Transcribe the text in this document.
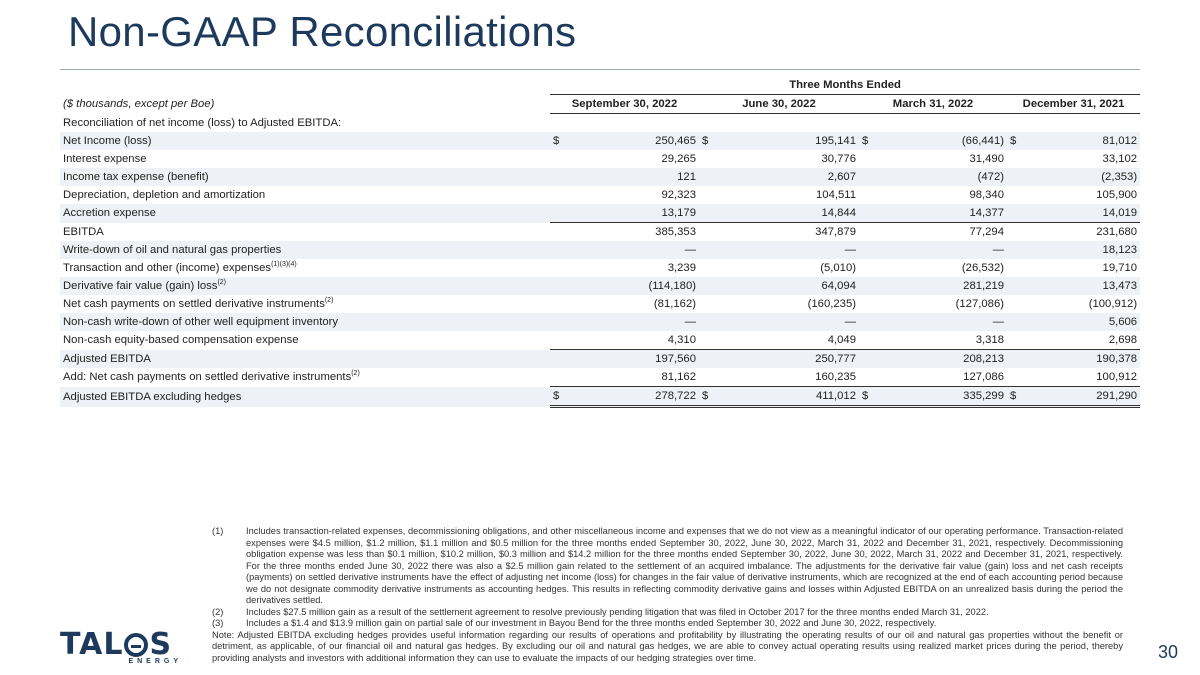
Non-GAAP Reconciliations
	Three Months Ended							
($ thousands, except per Boe)	September 30, 2022		June 30, 2022		March 31, 2022		December 31, 2021	
Reconciliation of net income (loss) to Adjusted EBITDA:								
Net Income (loss)	$	250,465	$	195,141	$	(66,441)	$	81,012
Interest expense		29,265		30,776		31,490		33,102
Income tax expense (benefit)		121		2,607		(472)		(2,353)
Depreciation, depletion and amortization		92,323		104,511		98,340		105,900
Accretion expense		13,179		14,844		14,377		14,019
EBITDA		385,353		347,879		77,294		231,680
Write-down of oil and natural gas properties		—		—		—		18,123
Transaction and other (income) expenses$^{(1)(3)(4)}$		3,239		(5,010)		(26,532)		19,710
Derivative fair value (gain) loss$^{(2)}$		(114,180)		64,094		281,219		13,473
Net cash payments on settled derivative instruments$^{(2)}$		(81,162)		(160,235)		(127,086)		(100,912)
Non-cash write-down of other well equipment inventory		—		—		—		5,606
Non-cash equity-based compensation expense		4,310		4,049		3,318		2,698
Adjusted EBITDA		197,560		250,777		208,213		190,378
Add: Net cash payments on settled derivative instruments$^{(2)}$		81,162		160,235		127,086		100,912
Adjusted EBITDA excluding hedges	$	278,722	$	411,012	$	335,299	$	291,290
(1)	Includes transaction-related expenses, decommissioning obligations, and other miscellaneous income and expenses that we do not view as a meaningful indicator of our operating performance. Transaction-related expenses were $4.5 million, $1.2 million, $1.1 million and $0.5 million for the three months ended September 30, 2022, June 30, 2022, March 31, 2022 and December 31, 2021, respectively. Decommissioning obligation expense was less than $0.1 million, $10.2 million, $0.3 million and $14.2 million for the three months ended September 30, 2022, June 30, 2022, March 31, 2022 and December 31, 2021, respectively. For the three months ended June 30, 2022 there was also a $2.5 million gain related to the settlement of an acquired imbalance. The adjustments for the derivative fair value (gain) loss and net cash receipts (payments) on settled derivative instruments have the effect of adjusting net income (loss) for changes in the fair value of derivative instruments, which are recognized at the end of each accounting period because we do not designate commodity derivative instruments as accounting hedges. This results in reflecting commodity derivative gains and losses within Adjusted EBITDA on an unrealized basis during the period the derivatives settled.
(2)	Includes $27.5 million gain as a result of the settlement agreement to resolve previously pending litigation that was filed in October 2017 for the three months ended March 31, 2022.
(3)	Includes a $1.4 and $13.9 million gain on partial sale of our investment in Bayou Bend for the three months ended September 30, 2022 and June 30, 2022, respectively.
Note: Adjusted EBITDA excluding hedges provides useful information regarding our results of operations and profitability by illustrating the operating results of our oil and natural gas properties without the benefit or detriment, as applicable, of our financial oil and natural gas hedges. By excluding our oil and natural gas hedges, we are able to convey actual operating results using realized market prices during the period, thereby providing analysts and investors with additional information they can use to evaluate the impacts of our hedging strategies over time.
TAL S
ENERGY	30
